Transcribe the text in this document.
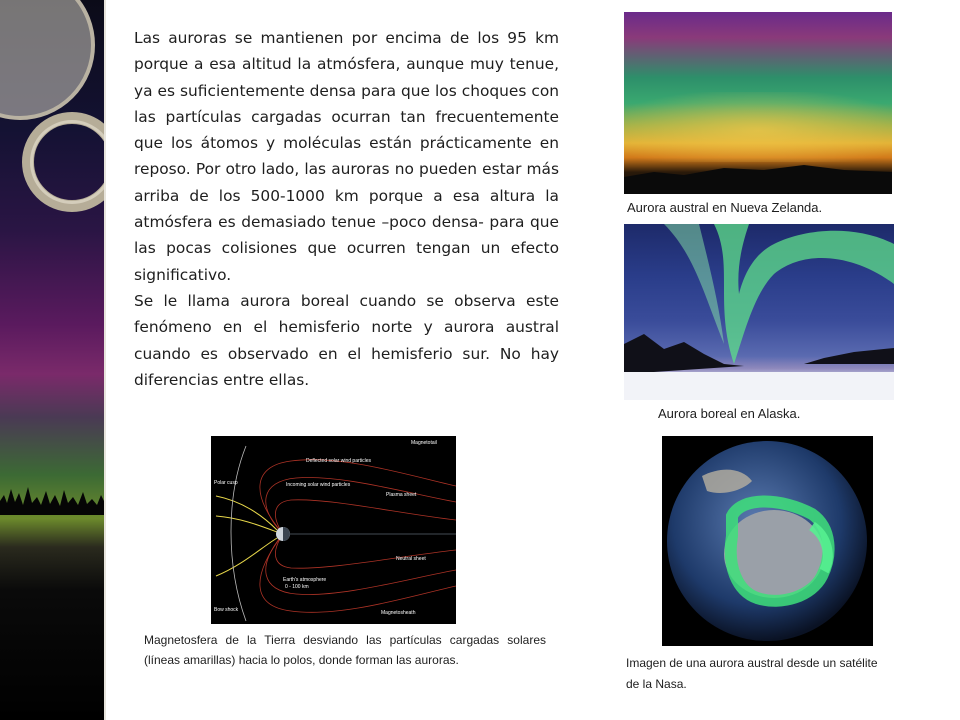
Las auroras se mantienen por encima de los 95 km porque a esa altitud la atmósfera, aunque muy tenue, ya es suficientemente densa para que los choques con las partículas cargadas ocurran tan frecuentemente que los átomos y moléculas están prácticamente en reposo. Por otro lado, las auroras no pueden estar más arriba de los 500-1000 km porque a esa altura la atmósfera es demasiado tenue –poco densa- para que las pocas colisiones que ocurren tengan un efecto significativo.

Se le llama aurora boreal cuando se observa este fenómeno en el hemisferio norte y aurora austral cuando es observado en el hemisferio sur. No hay diferencias entre ellas.

Aurora austral en Nueva Zelanda.

Aurora boreal en Alaska.

Imagen de una aurora austral desde un satélite de la Nasa.

Magnetotail
Deflected solar wind particles
Incoming solar wind particles
Polar cusp
Plasma sheet
Neutral sheet
Earth's atmosphere
0 - 100 km
Magnetosheath
Bow shock

Magnetosfera de la Tierra desviando las partículas cargadas solares (líneas amarillas) hacia lo polos, donde forman las auroras.
